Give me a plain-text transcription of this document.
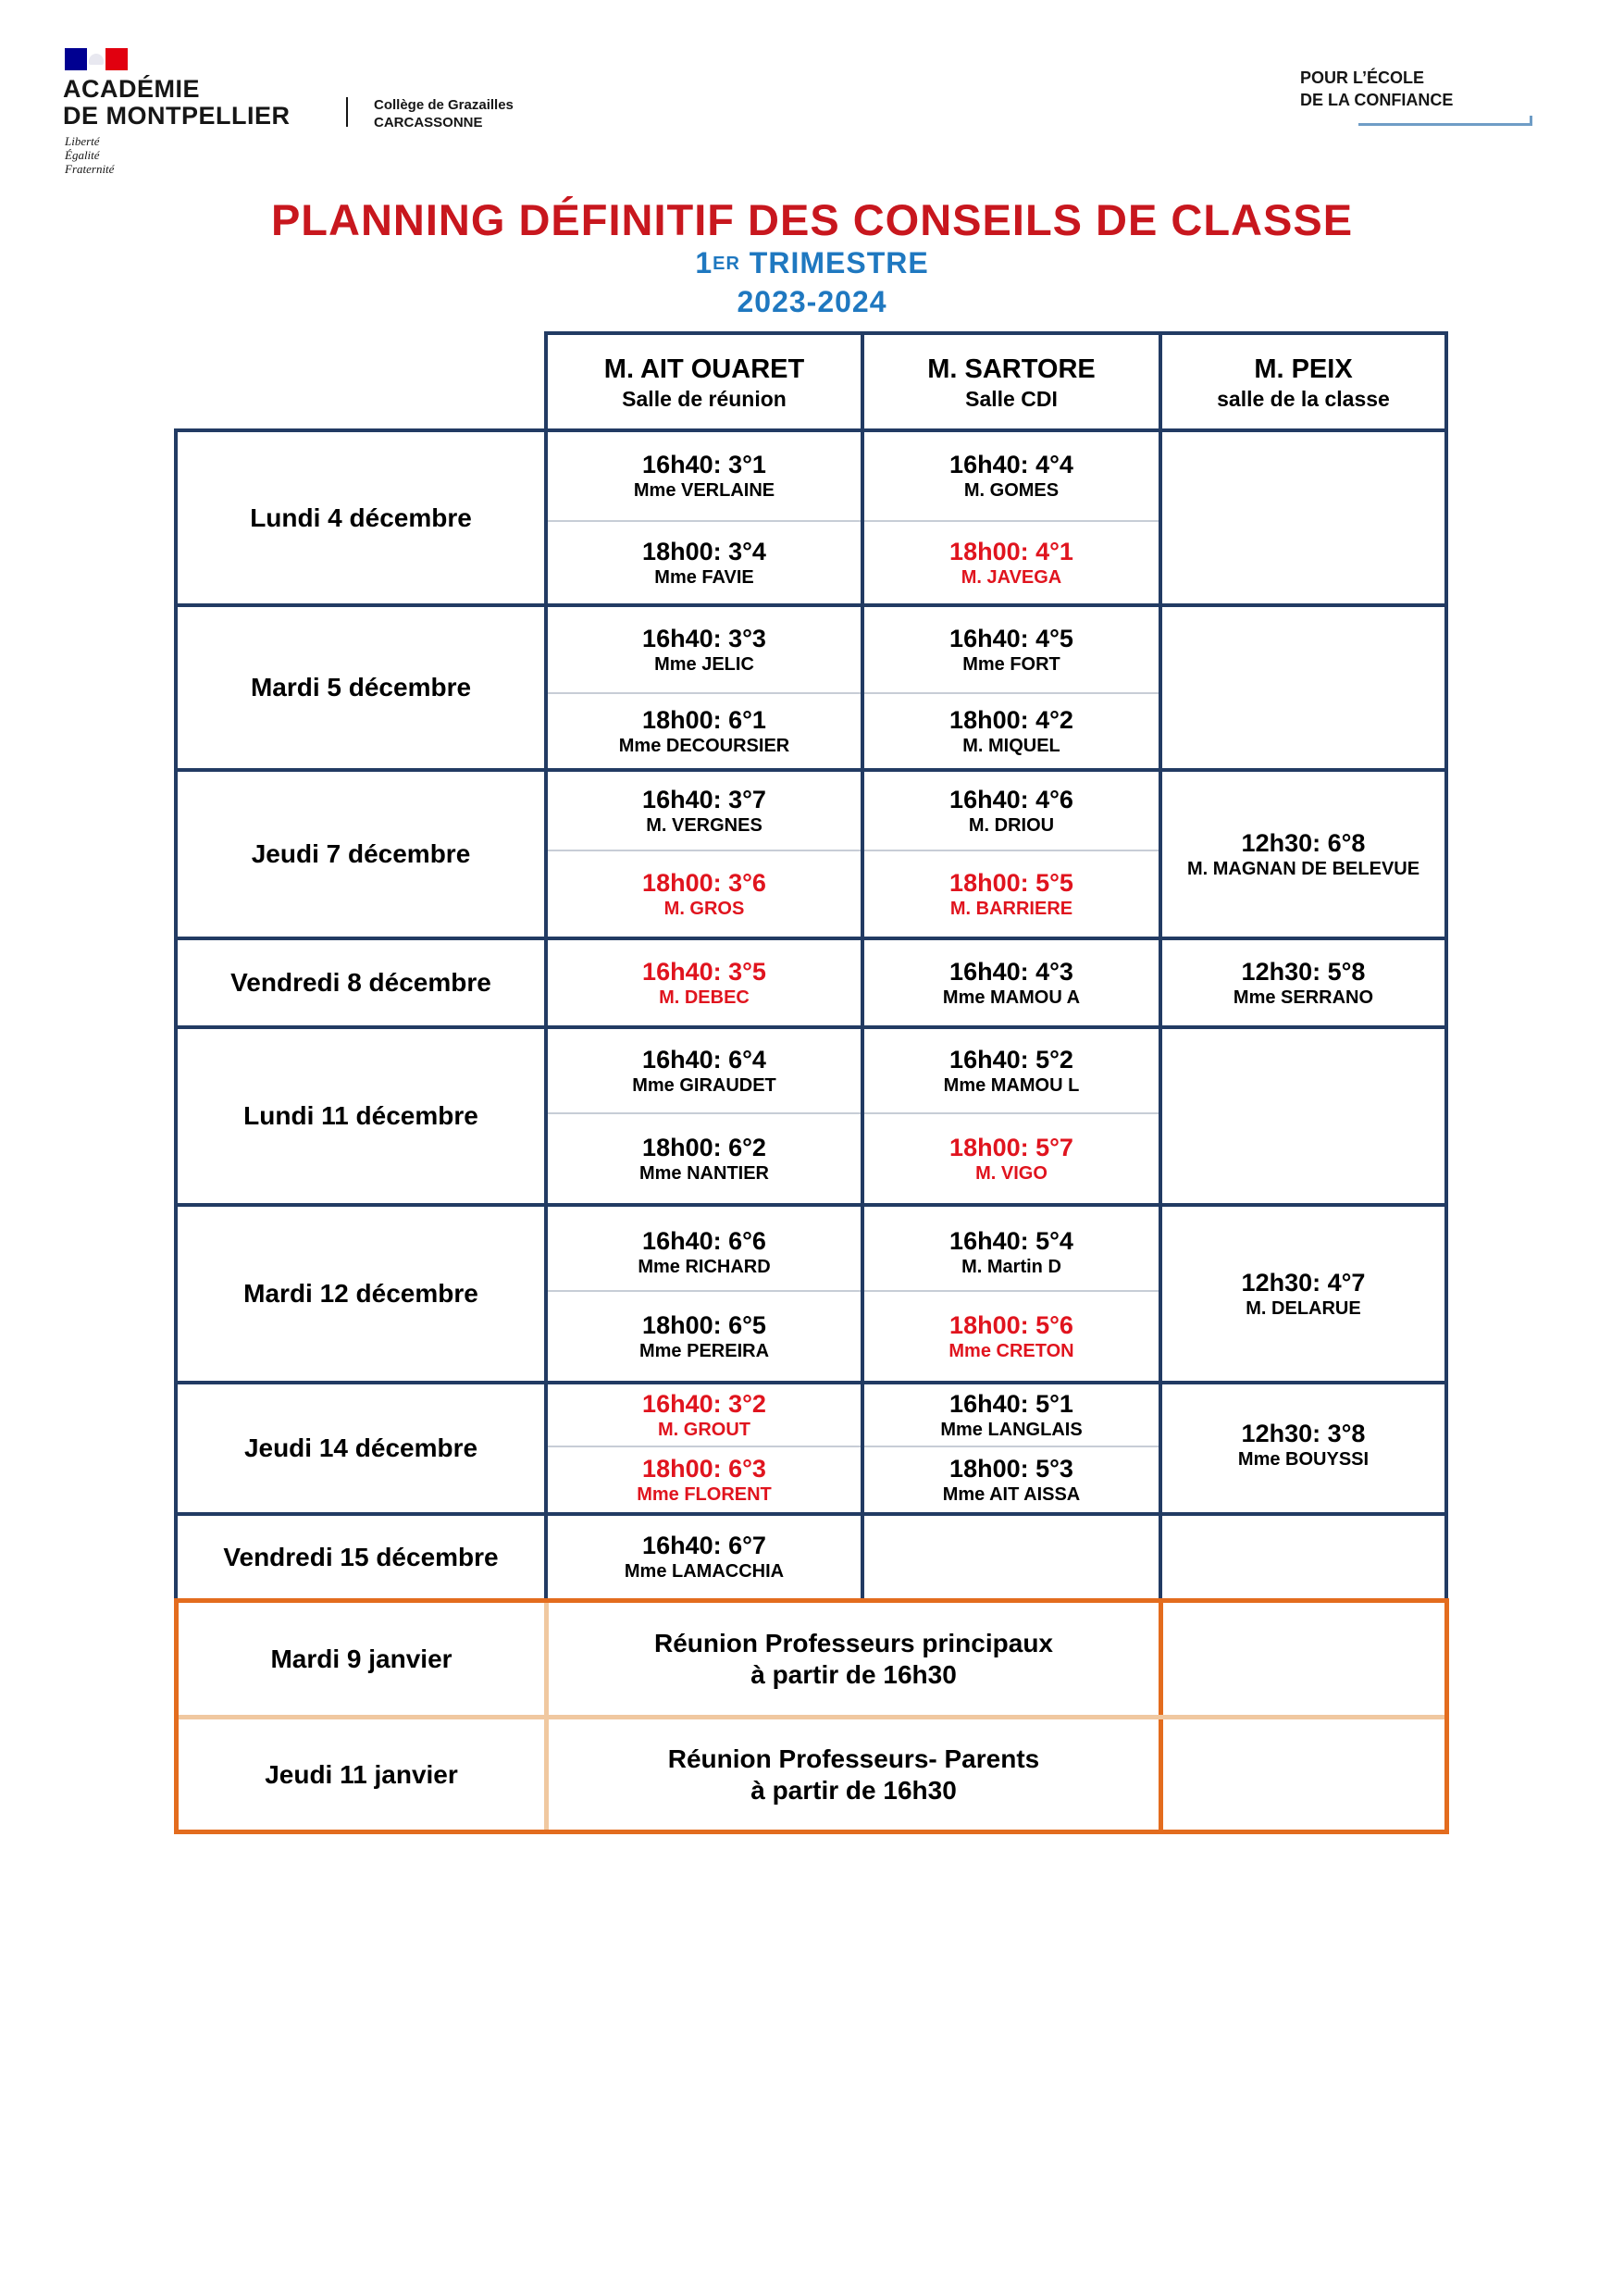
ACADÉMIE
DE MONTPELLIER
Liberté
Égalité
Fraternité
Collège de Grazailles
CARCASSONNE
POUR L’ÉCOLE
DE LA CONFIANCE
PLANNING DÉFINITIF DES CONSEILS DE CLASSE
1ER TRIMESTRE
2023-2024
M. AIT OUARET
Salle de réunion
M. SARTORE
Salle CDI
M. PEIX
salle de la classe
Lundi 4 décembre
Mardi 5 décembre
Jeudi 7 décembre
Vendredi 8 décembre
Lundi 11 décembre
Mardi 12 décembre
Jeudi 14 décembre
Vendredi 15 décembre
16h40: 3°1
Mme VERLAINE
18h00: 3°4
Mme FAVIE
16h40: 4°4
M. GOMES
18h00: 4°1
M. JAVEGA
16h40: 3°3
Mme JELIC
18h00: 6°1
Mme DECOURSIER
16h40: 4°5
Mme FORT
18h00: 4°2
M. MIQUEL
16h40: 3°7
M. VERGNES
18h00: 3°6
M. GROS
16h40: 4°6
M. DRIOU
18h00: 5°5
M. BARRIERE
12h30: 6°8
M. MAGNAN DE BELEVUE
16h40: 3°5
M. DEBEC
16h40: 4°3
Mme MAMOU A
12h30: 5°8
Mme SERRANO
16h40: 6°4
Mme GIRAUDET
18h00: 6°2
Mme NANTIER
16h40: 5°2
Mme MAMOU L
18h00: 5°7
M. VIGO
16h40: 6°6
Mme RICHARD
18h00: 6°5
Mme PEREIRA
16h40: 5°4
M. Martin D
18h00: 5°6
Mme CRETON
12h30: 4°7
M. DELARUE
16h40: 3°2
M. GROUT
18h00: 6°3
Mme FLORENT
16h40: 5°1
Mme LANGLAIS
18h00: 5°3
Mme AIT AISSA
12h30: 3°8
Mme BOUYSSI
16h40: 6°7
Mme LAMACCHIA
Mardi 9 janvier
Réunion Professeurs principaux
à partir de 16h30
Jeudi 11 janvier
Réunion Professeurs- Parents
à partir de 16h30
